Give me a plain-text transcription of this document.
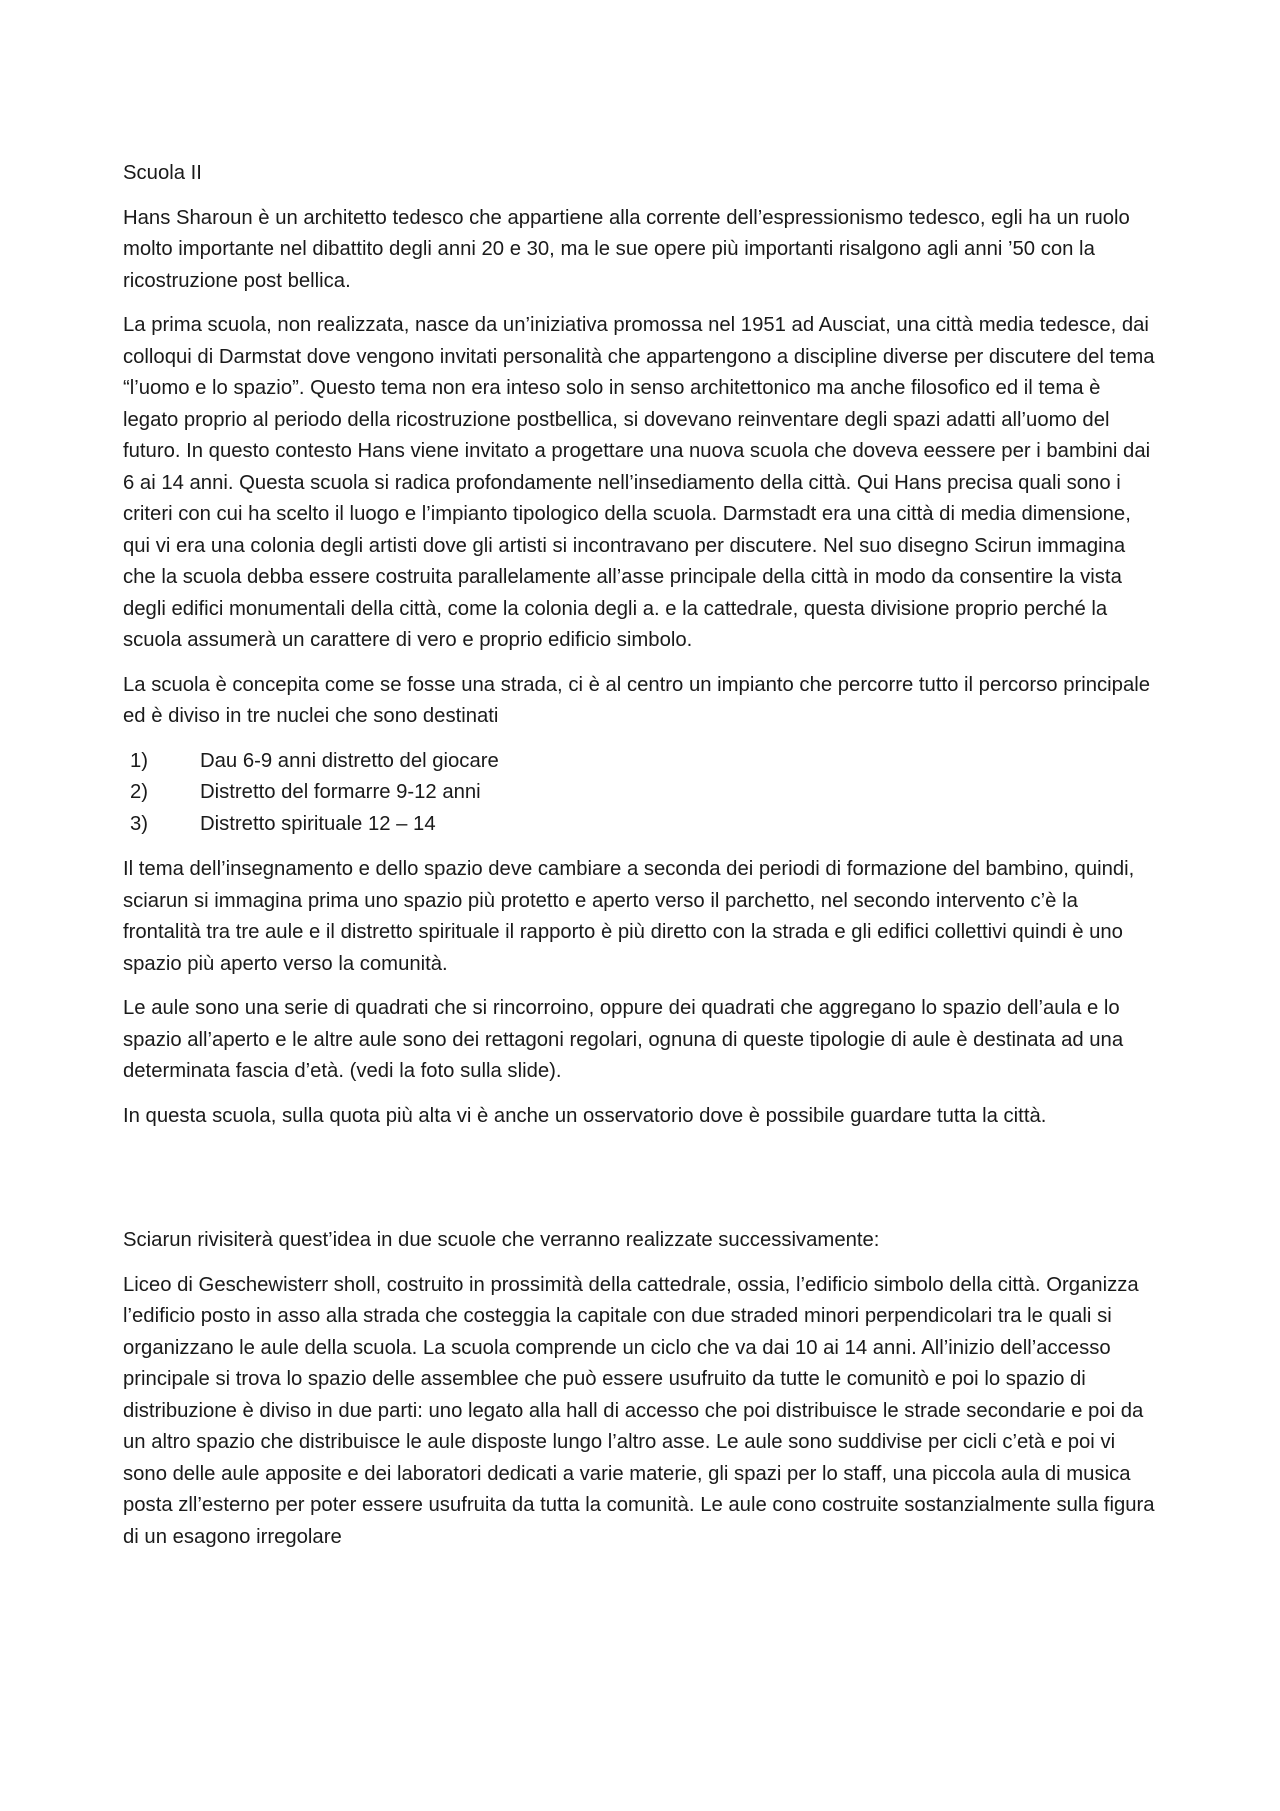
Scuola II

Hans Sharoun è un architetto tedesco che appartiene alla corrente dell’espressionismo tedesco, egli ha un ruolo molto importante nel dibattito degli anni 20 e 30, ma le sue opere più importanti risalgono agli anni ’50 con la ricostruzione post bellica.

La prima scuola, non realizzata, nasce da un’iniziativa promossa nel 1951 ad Ausciat, una città media tedesce, dai colloqui di Darmstat dove vengono invitati personalità che appartengono a discipline diverse per discutere del tema “l’uomo e lo spazio”. Questo tema non era inteso solo in senso architettonico ma anche filosofico ed il tema è legato proprio al periodo della ricostruzione postbellica, si dovevano reinventare degli spazi adatti all’uomo del futuro. In questo contesto Hans viene invitato a progettare una nuova scuola che doveva eessere per i bambini dai 6 ai 14 anni. Questa scuola si radica profondamente nell’insediamento della città. Qui Hans precisa quali sono i criteri con cui ha scelto il luogo e l’impianto tipologico della scuola. Darmstadt era una città di media dimensione, qui vi era una colonia degli artisti dove gli artisti si incontravano per discutere. Nel suo disegno Scirun immagina che la scuola debba essere costruita parallelamente all’asse principale della città in modo da consentire la vista degli edifici monumentali della città, come la colonia degli a. e la cattedrale, questa divisione proprio perché la scuola assumerà un carattere di vero e proprio edificio simbolo.

La scuola è concepita come se fosse una strada, ci è al centro un impianto che percorre tutto il percorso principale ed è diviso in tre nuclei che sono destinati

1)	Dau 6-9 anni distretto del giocare
2)	Distretto del formarre 9-12 anni
3)	Distretto spirituale 12 – 14

Il tema dell’insegnamento e dello spazio deve cambiare a seconda dei periodi di formazione del bambino, quindi, sciarun si immagina prima uno spazio più protetto e aperto verso il parchetto, nel secondo intervento c’è la frontalità tra tre aule e il distretto spirituale il rapporto è più diretto con la strada e gli edifici collettivi quindi è uno spazio più aperto verso la comunità.

Le aule sono una serie di quadrati che si rincorroino, oppure dei quadrati che aggregano lo spazio dell’aula e lo spazio all’aperto e le altre aule sono dei rettagoni regolari, ognuna di queste tipologie di aule è destinata ad una determinata fascia d’età. (vedi la foto sulla slide).

In questa scuola, sulla quota più alta vi è anche un osservatorio dove è possibile guardare tutta la città.

Sciarun rivisiterà quest’idea in due scuole che verranno realizzate successivamente:

Liceo di Geschewisterr sholl, costruito in prossimità della cattedrale, ossia, l’edificio simbolo della città. Organizza l’edificio posto in asso alla strada che costeggia la capitale con due straded minori perpendicolari tra le quali si organizzano le aule della scuola. La scuola comprende un ciclo che va dai 10 ai 14 anni. All’inizio dell’accesso principale si trova lo spazio delle assemblee che può essere usufruito da tutte le comunitò e poi lo spazio di distribuzione è diviso in due parti: uno legato alla hall di accesso che poi distribuisce le strade secondarie e poi da un altro spazio che distribuisce le aule disposte lungo l’altro asse. Le aule sono suddivise per cicli c’età e poi vi sono delle aule apposite e dei laboratori dedicati a varie materie, gli spazi per lo staff, una piccola aula di musica posta zll’esterno per poter essere usufruita da tutta la comunità. Le aule cono costruite sostanzialmente sulla figura di un esagono irregolare
